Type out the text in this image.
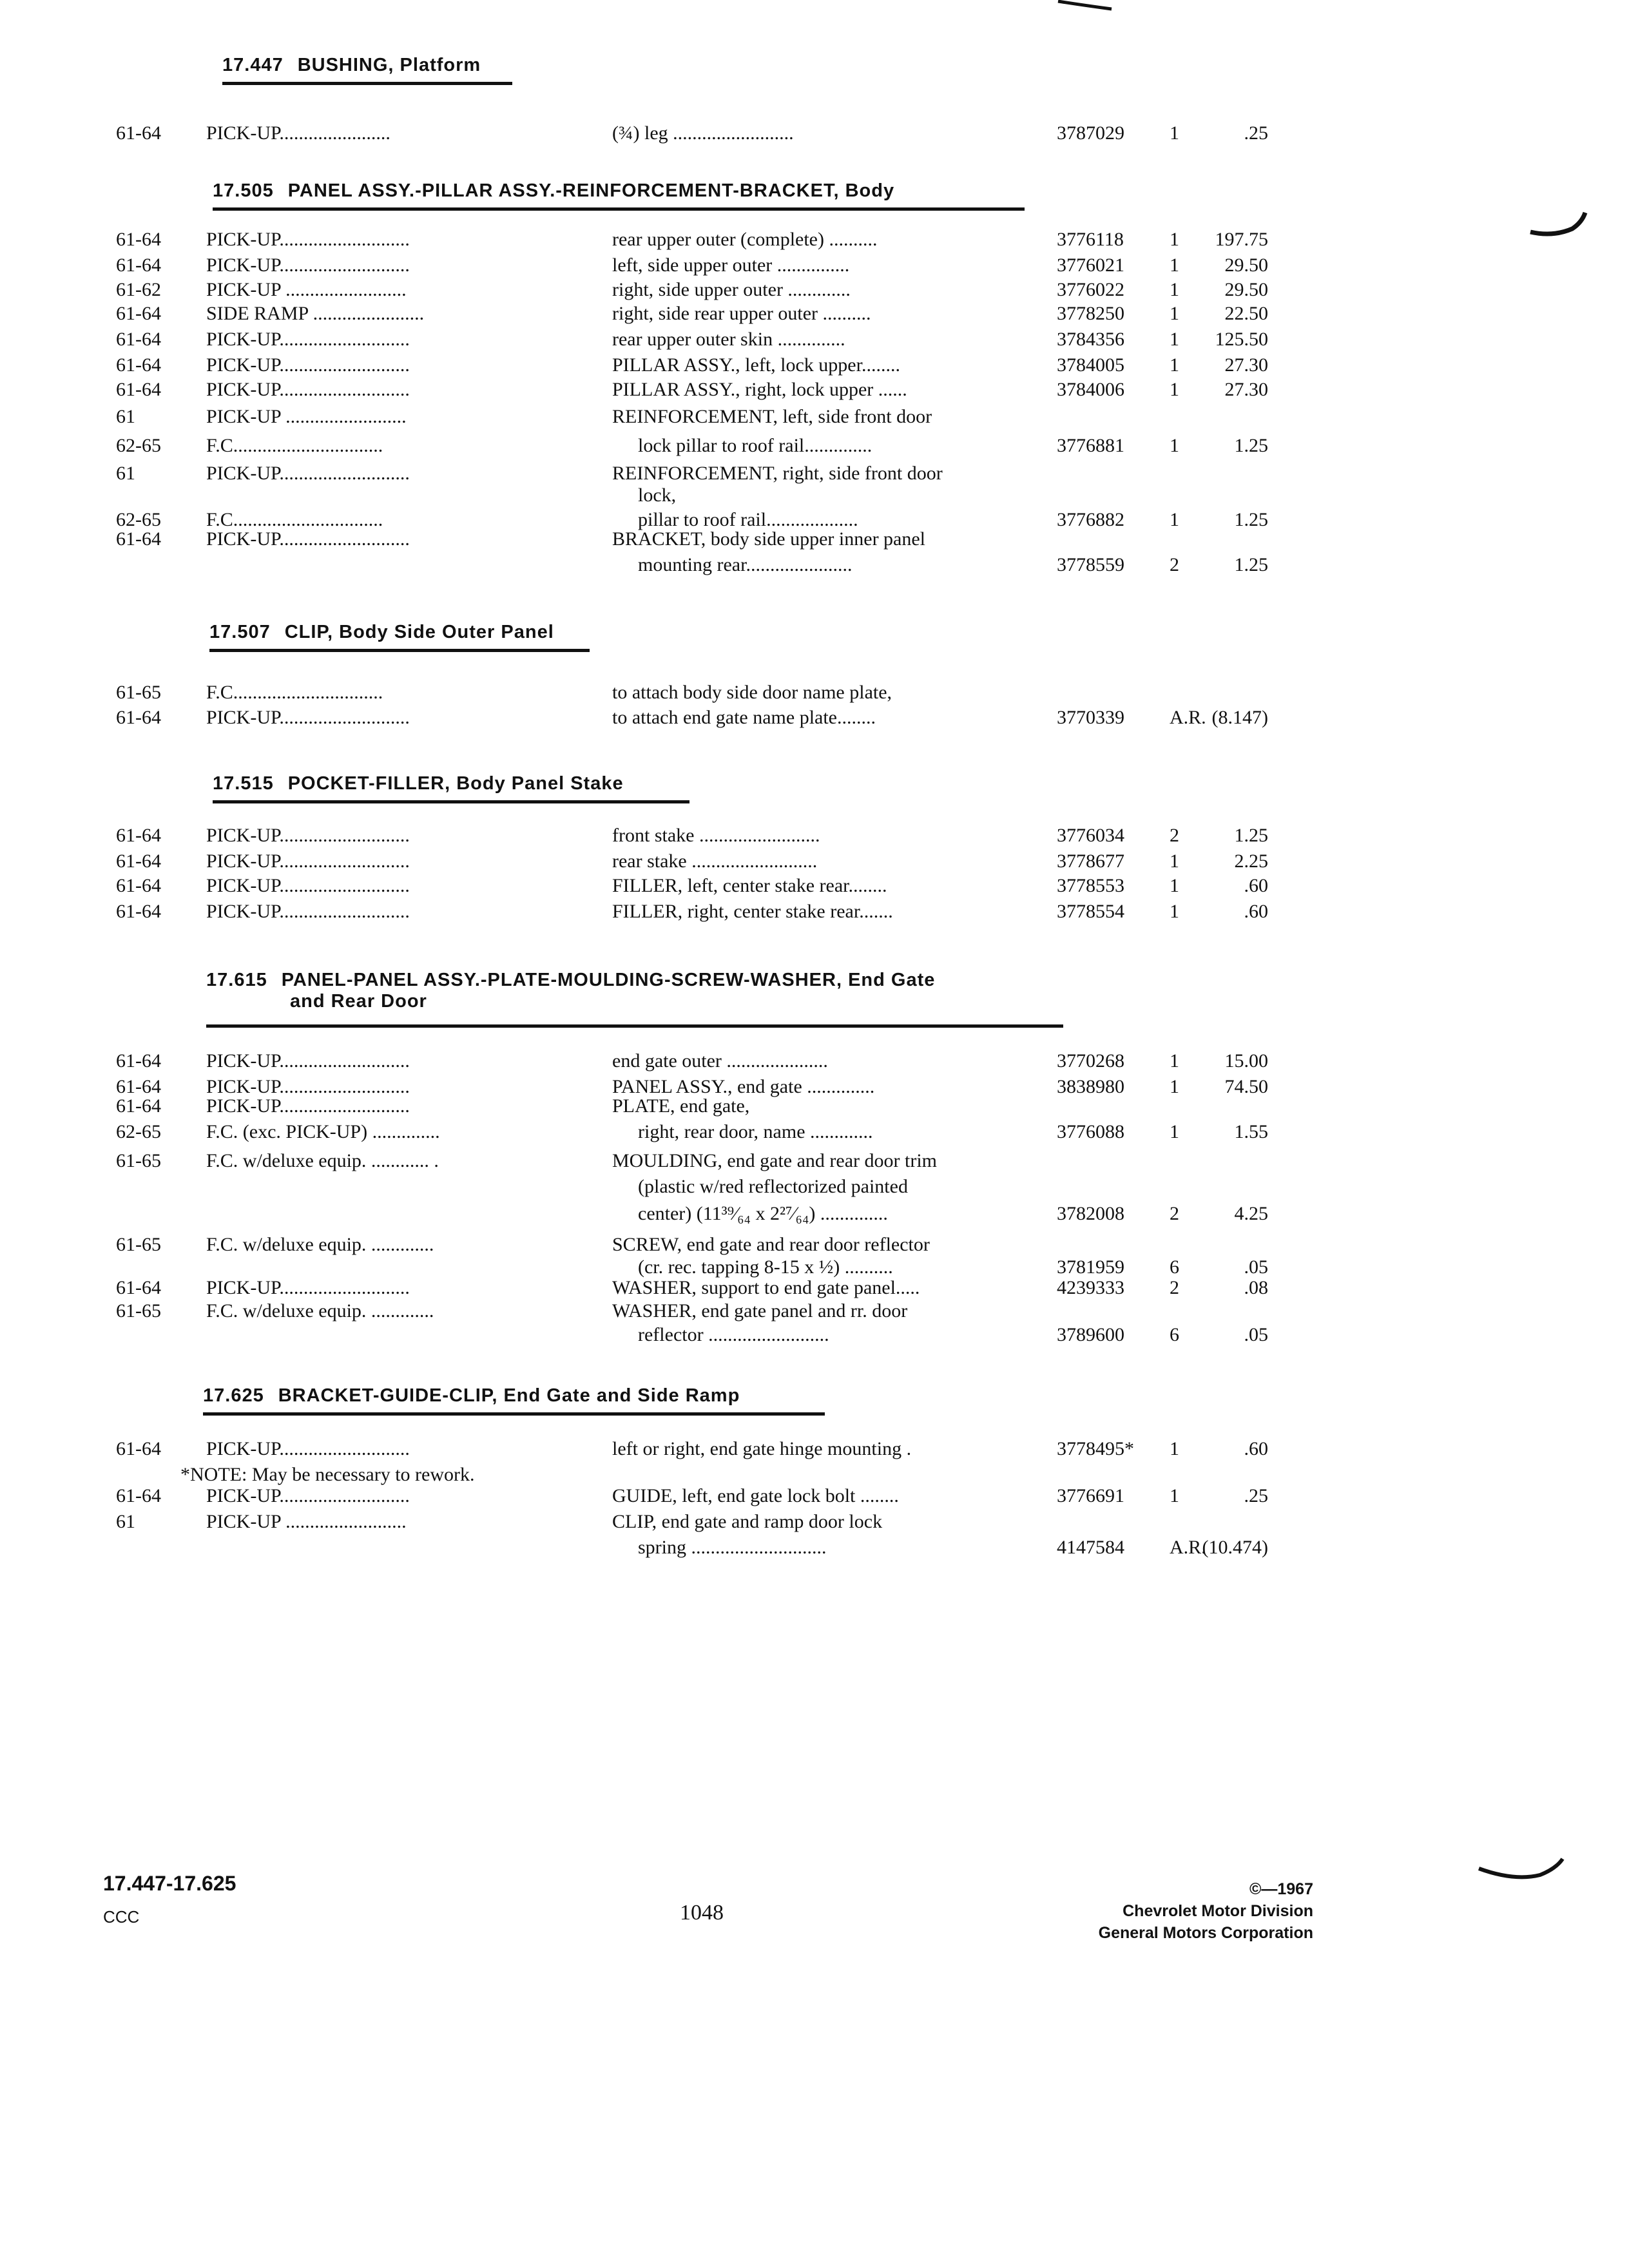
17.447 BUSHING, Platform
61-64 PICK-UP.......................	(¾) leg .........................	3787029 1	.25
17.505 PANEL ASSY.-PILLAR ASSY.-REINFORCEMENT-BRACKET, Body
61-64 PICK-UP...........................	rear upper outer (complete) ..........	3776118 1	197.75
61-64 PICK-UP...........................	left, side upper outer ...............	3776021 1	29.50
61-62 PICK-UP .........................	right, side upper outer .............	3776022 1	29.50
61-64 SIDE RAMP .......................	right, side rear upper outer ..........	3778250 1	22.50
61-64 PICK-UP...........................	rear upper outer skin ..............	3784356 1	125.50
61-64 PICK-UP...........................	PILLAR ASSY., left, lock upper........	3784005 1	27.30
61-64 PICK-UP...........................	PILLAR ASSY., right, lock upper ......	3784006 1	27.30
61	PICK-UP .........................	REINFORCEMENT, left, side front door
62-65 F.C...............................	lock pillar to roof rail..............	3776881 1	1.25
61	PICK-UP...........................	REINFORCEMENT, right, side front door
lock,
62-65 F.C...............................	pillar to roof rail...................	3776882 1	1.25
61-64 PICK-UP...........................	BRACKET, body side upper inner panel
mounting rear......................	3778559 2	1.25
17.507 CLIP, Body Side Outer Panel
61-65 F.C...............................	to attach body side door name plate,
61-64 PICK-UP...........................	to attach end gate name plate........	3770339 A.R. (8.147)
17.515 POCKET-FILLER, Body Panel Stake
61-64 PICK-UP...........................	front stake .........................	3776034 2	1.25
61-64 PICK-UP...........................	rear stake ..........................	3778677 1	2.25
61-64 PICK-UP...........................	FILLER, left, center stake rear........	3778553 1	.60
61-64 PICK-UP...........................	FILLER, right, center stake rear.......	3778554 1	.60
17.615 PANEL-PANEL ASSY.-PLATE-MOULDING-SCREW-WASHER, End Gate
and Rear Door
61-64 PICK-UP...........................	end gate outer .....................	3770268 1	15.00
61-64 PICK-UP...........................	PANEL ASSY., end gate ..............	3838980 1	74.50
61-64 PICK-UP...........................	PLATE, end gate,
62-65 F.C. (exc. PICK-UP) ..............	right, rear door, name .............	3776088 1	1.55
61-65 F.C. w/deluxe equip. ............ .	MOULDING, end gate and rear door trim
(plastic w/red reflectorized painted
center) (11³⁹⁄₆₄ x 2²⁷⁄₆₄) ..............	3782008 2	4.25
61-65 F.C. w/deluxe equip. .............	SCREW, end gate and rear door reflector
(cr. rec. tapping 8-15 x ½) ..........	3781959 6	.05
61-64 PICK-UP...........................	WASHER, support to end gate panel.....	4239333 2	.08
61-65 F.C. w/deluxe equip. .............	WASHER, end gate panel and rr. door
reflector .........................	3789600 6	.05
17.625 BRACKET-GUIDE-CLIP, End Gate and Side Ramp
61-64 PICK-UP...........................	left or right, end gate hinge mounting .	3778495* 1	.60
*NOTE: May be necessary to rework.
61-64 PICK-UP...........................	GUIDE, left, end gate lock bolt ........	3776691 1	.25
61	PICK-UP .........................	CLIP, end gate and ramp door lock
spring ............................	4147584 A.R.
(10.474)
17.447-17.625
CCC	1048
©—1967
Chevrolet Motor Division
General Motors Corporation
